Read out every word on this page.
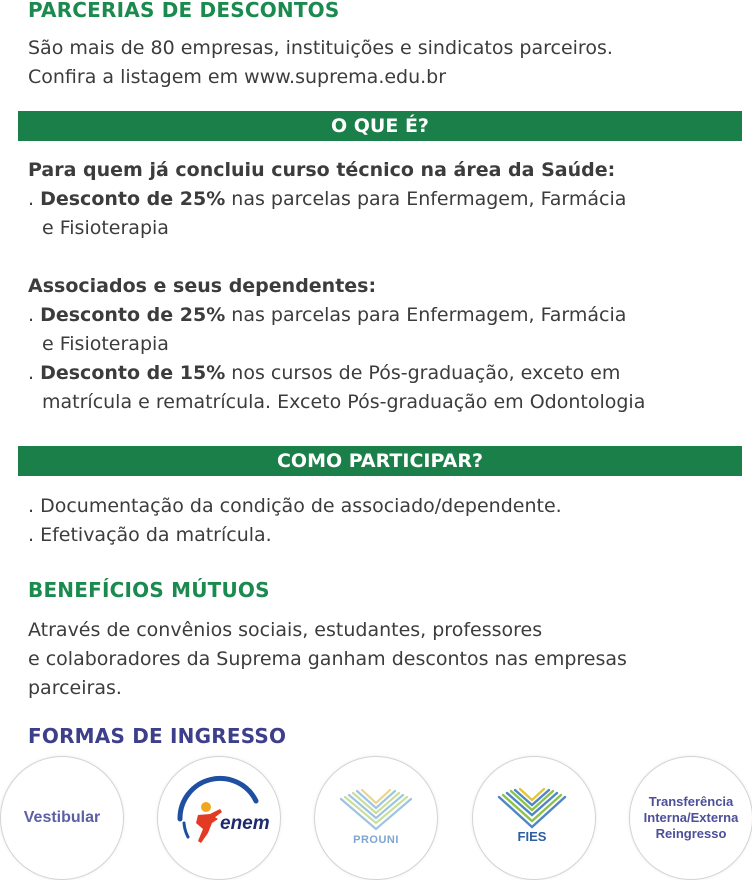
PARCERIAS DE DESCONTOS
São mais de 80 empresas, instituições e sindicatos parceiros.
Confira a listagem em www.suprema.edu.br
O QUE É?
Para quem já concluiu curso técnico na área da Saúde:
. Desconto de 25% nas parcelas para Enfermagem, Farmácia
e Fisioterapia
Associados e seus dependentes:
. Desconto de 25% nas parcelas para Enfermagem, Farmácia
e Fisioterapia
. Desconto de 15% nos cursos de Pós-graduação, exceto em
matrícula e rematrícula. Exceto Pós-graduação em Odontologia
COMO PARTICIPAR?
. Documentação da condição de associado/dependente.
. Efetivação da matrícula.
BENEFÍCIOS MÚTUOS
Através de convênios sociais, estudantes, professores
e colaboradores da Suprema ganham descontos nas empresas
parceiras.
FORMAS DE INGRESSO
Vestibular	enem
PROUNI	FIES
Transferência
Interna/Externa
Reingresso
